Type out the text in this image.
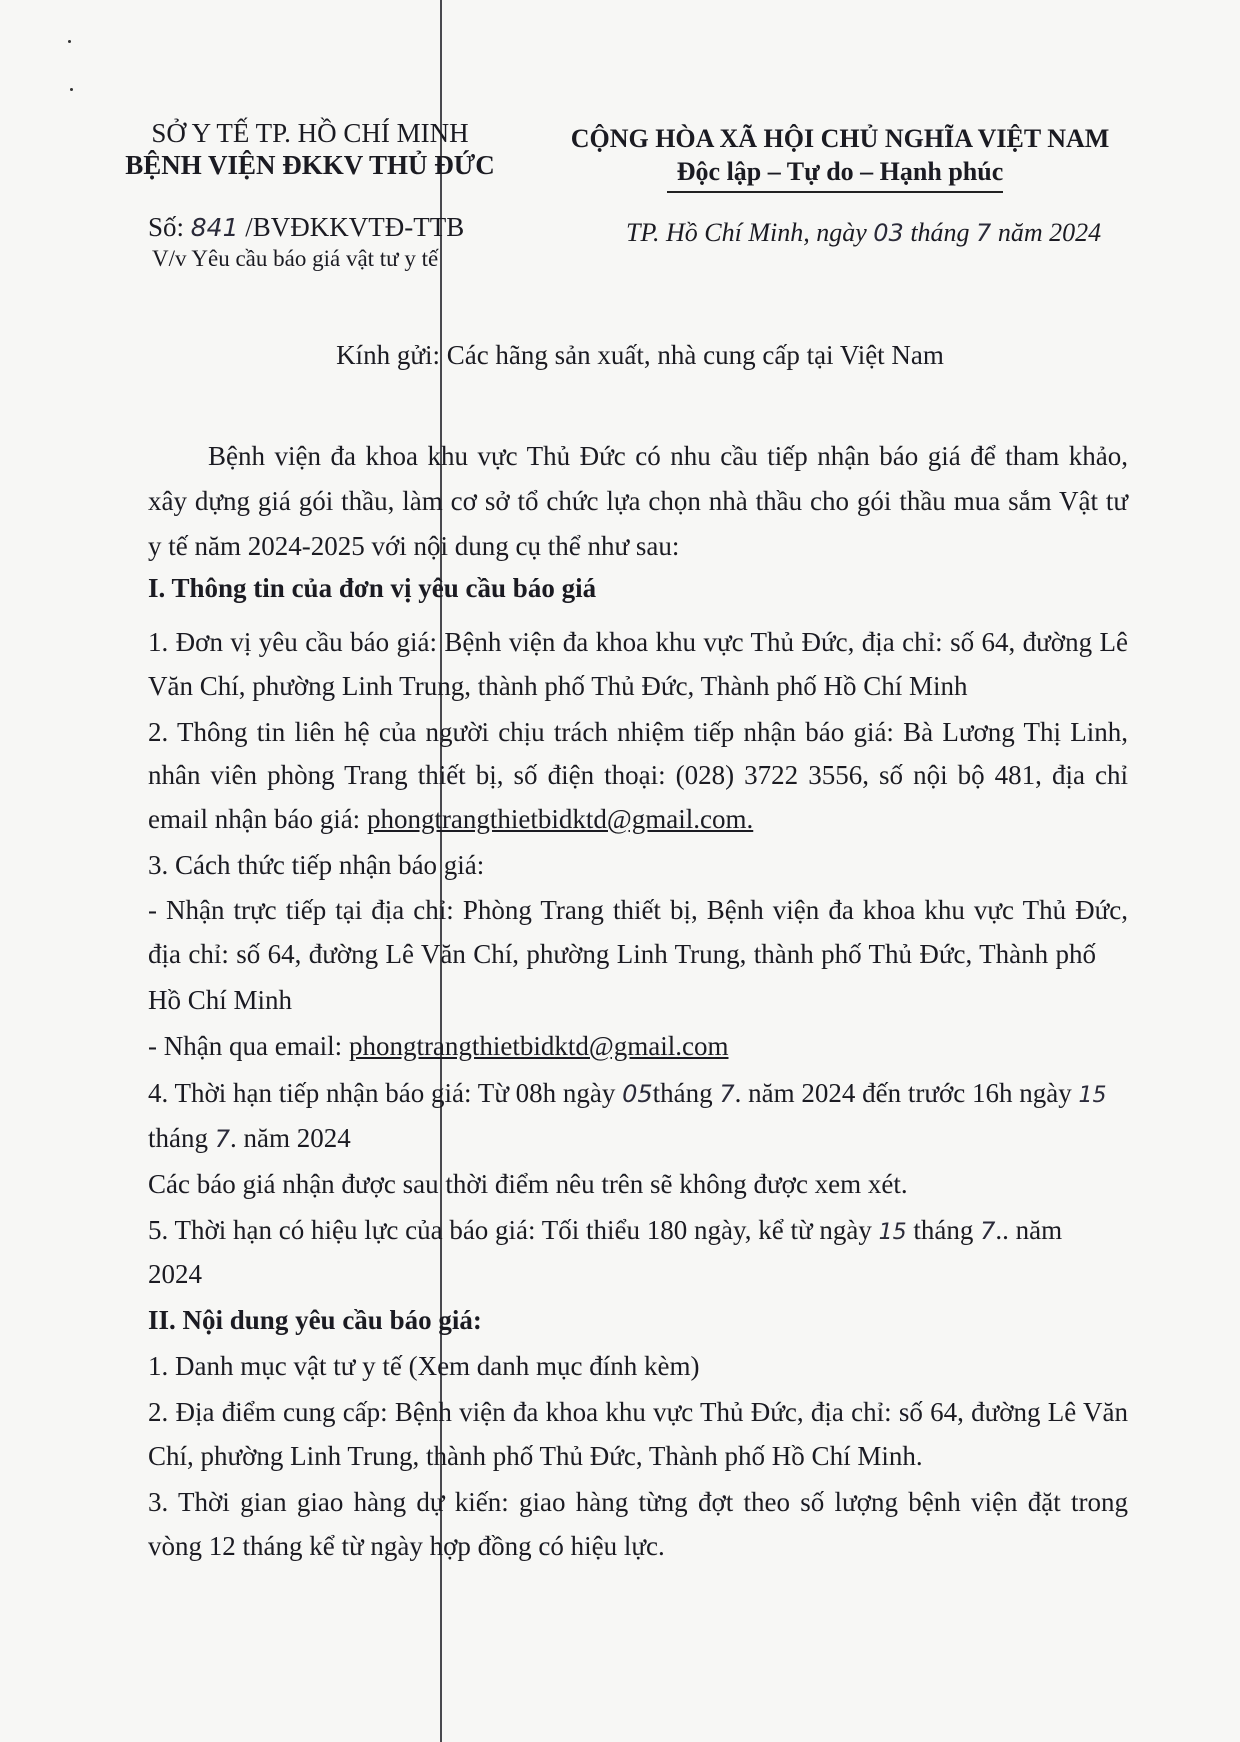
SỞ Y TẾ TP. HỒ CHÍ MINH
BỆNH VIỆN ĐKKV THỦ ĐỨC
Số: 841 /BVĐKKVTĐ-TTB
V/v Yêu cầu báo giá vật tư y tế
CỘNG HÒA XÃ HỘI CHỦ NGHĨA VIỆT NAM
Độc lập – Tự do – Hạnh phúc
TP. Hồ Chí Minh, ngày 03 tháng 7 năm 2024
Kính gửi: Các hãng sản xuất, nhà cung cấp tại Việt Nam
Bệnh viện đa khoa khu vực Thủ Đức có nhu cầu tiếp nhận báo giá để tham khảo,
xây dựng giá gói thầu, làm cơ sở tổ chức lựa chọn nhà thầu cho gói thầu mua sắm Vật tư
y tế năm 2024-2025 với nội dung cụ thể như sau:
I. Thông tin của đơn vị yêu cầu báo giá
1. Đơn vị yêu cầu báo giá: Bệnh viện đa khoa khu vực Thủ Đức, địa chỉ: số 64, đường Lê
Văn Chí, phường Linh Trung, thành phố Thủ Đức, Thành phố Hồ Chí Minh
2. Thông tin liên hệ của người chịu trách nhiệm tiếp nhận báo giá: Bà Lương Thị Linh,
nhân viên phòng Trang thiết bị, số điện thoại: (028) 3722 3556, số nội bộ 481, địa chỉ
email nhận báo giá: phongtrangthietbidktd@gmail.com.
3. Cách thức tiếp nhận báo giá:
- Nhận trực tiếp tại địa chỉ: Phòng Trang thiết bị, Bệnh viện đa khoa khu vực Thủ Đức,
địa chỉ: số 64, đường Lê Văn Chí, phường Linh Trung, thành phố Thủ Đức, Thành phố
Hồ Chí Minh
- Nhận qua email: phongtrangthietbidktd@gmail.com
4. Thời hạn tiếp nhận báo giá: Từ 08h ngày 05tháng 7. năm 2024 đến trước 16h ngày 15
tháng 7. năm 2024
Các báo giá nhận được sau thời điểm nêu trên sẽ không được xem xét.
5. Thời hạn có hiệu lực của báo giá: Tối thiểu 180 ngày, kể từ ngày 15 tháng 7.. năm
2024
II. Nội dung yêu cầu báo giá:
1. Danh mục vật tư y tế (Xem danh mục đính kèm)
2. Địa điểm cung cấp: Bệnh viện đa khoa khu vực Thủ Đức, địa chỉ: số 64, đường Lê Văn
Chí, phường Linh Trung, thành phố Thủ Đức, Thành phố Hồ Chí Minh.
3. Thời gian giao hàng dự kiến: giao hàng từng đợt theo số lượng bệnh viện đặt trong
vòng 12 tháng kể từ ngày hợp đồng có hiệu lực.
